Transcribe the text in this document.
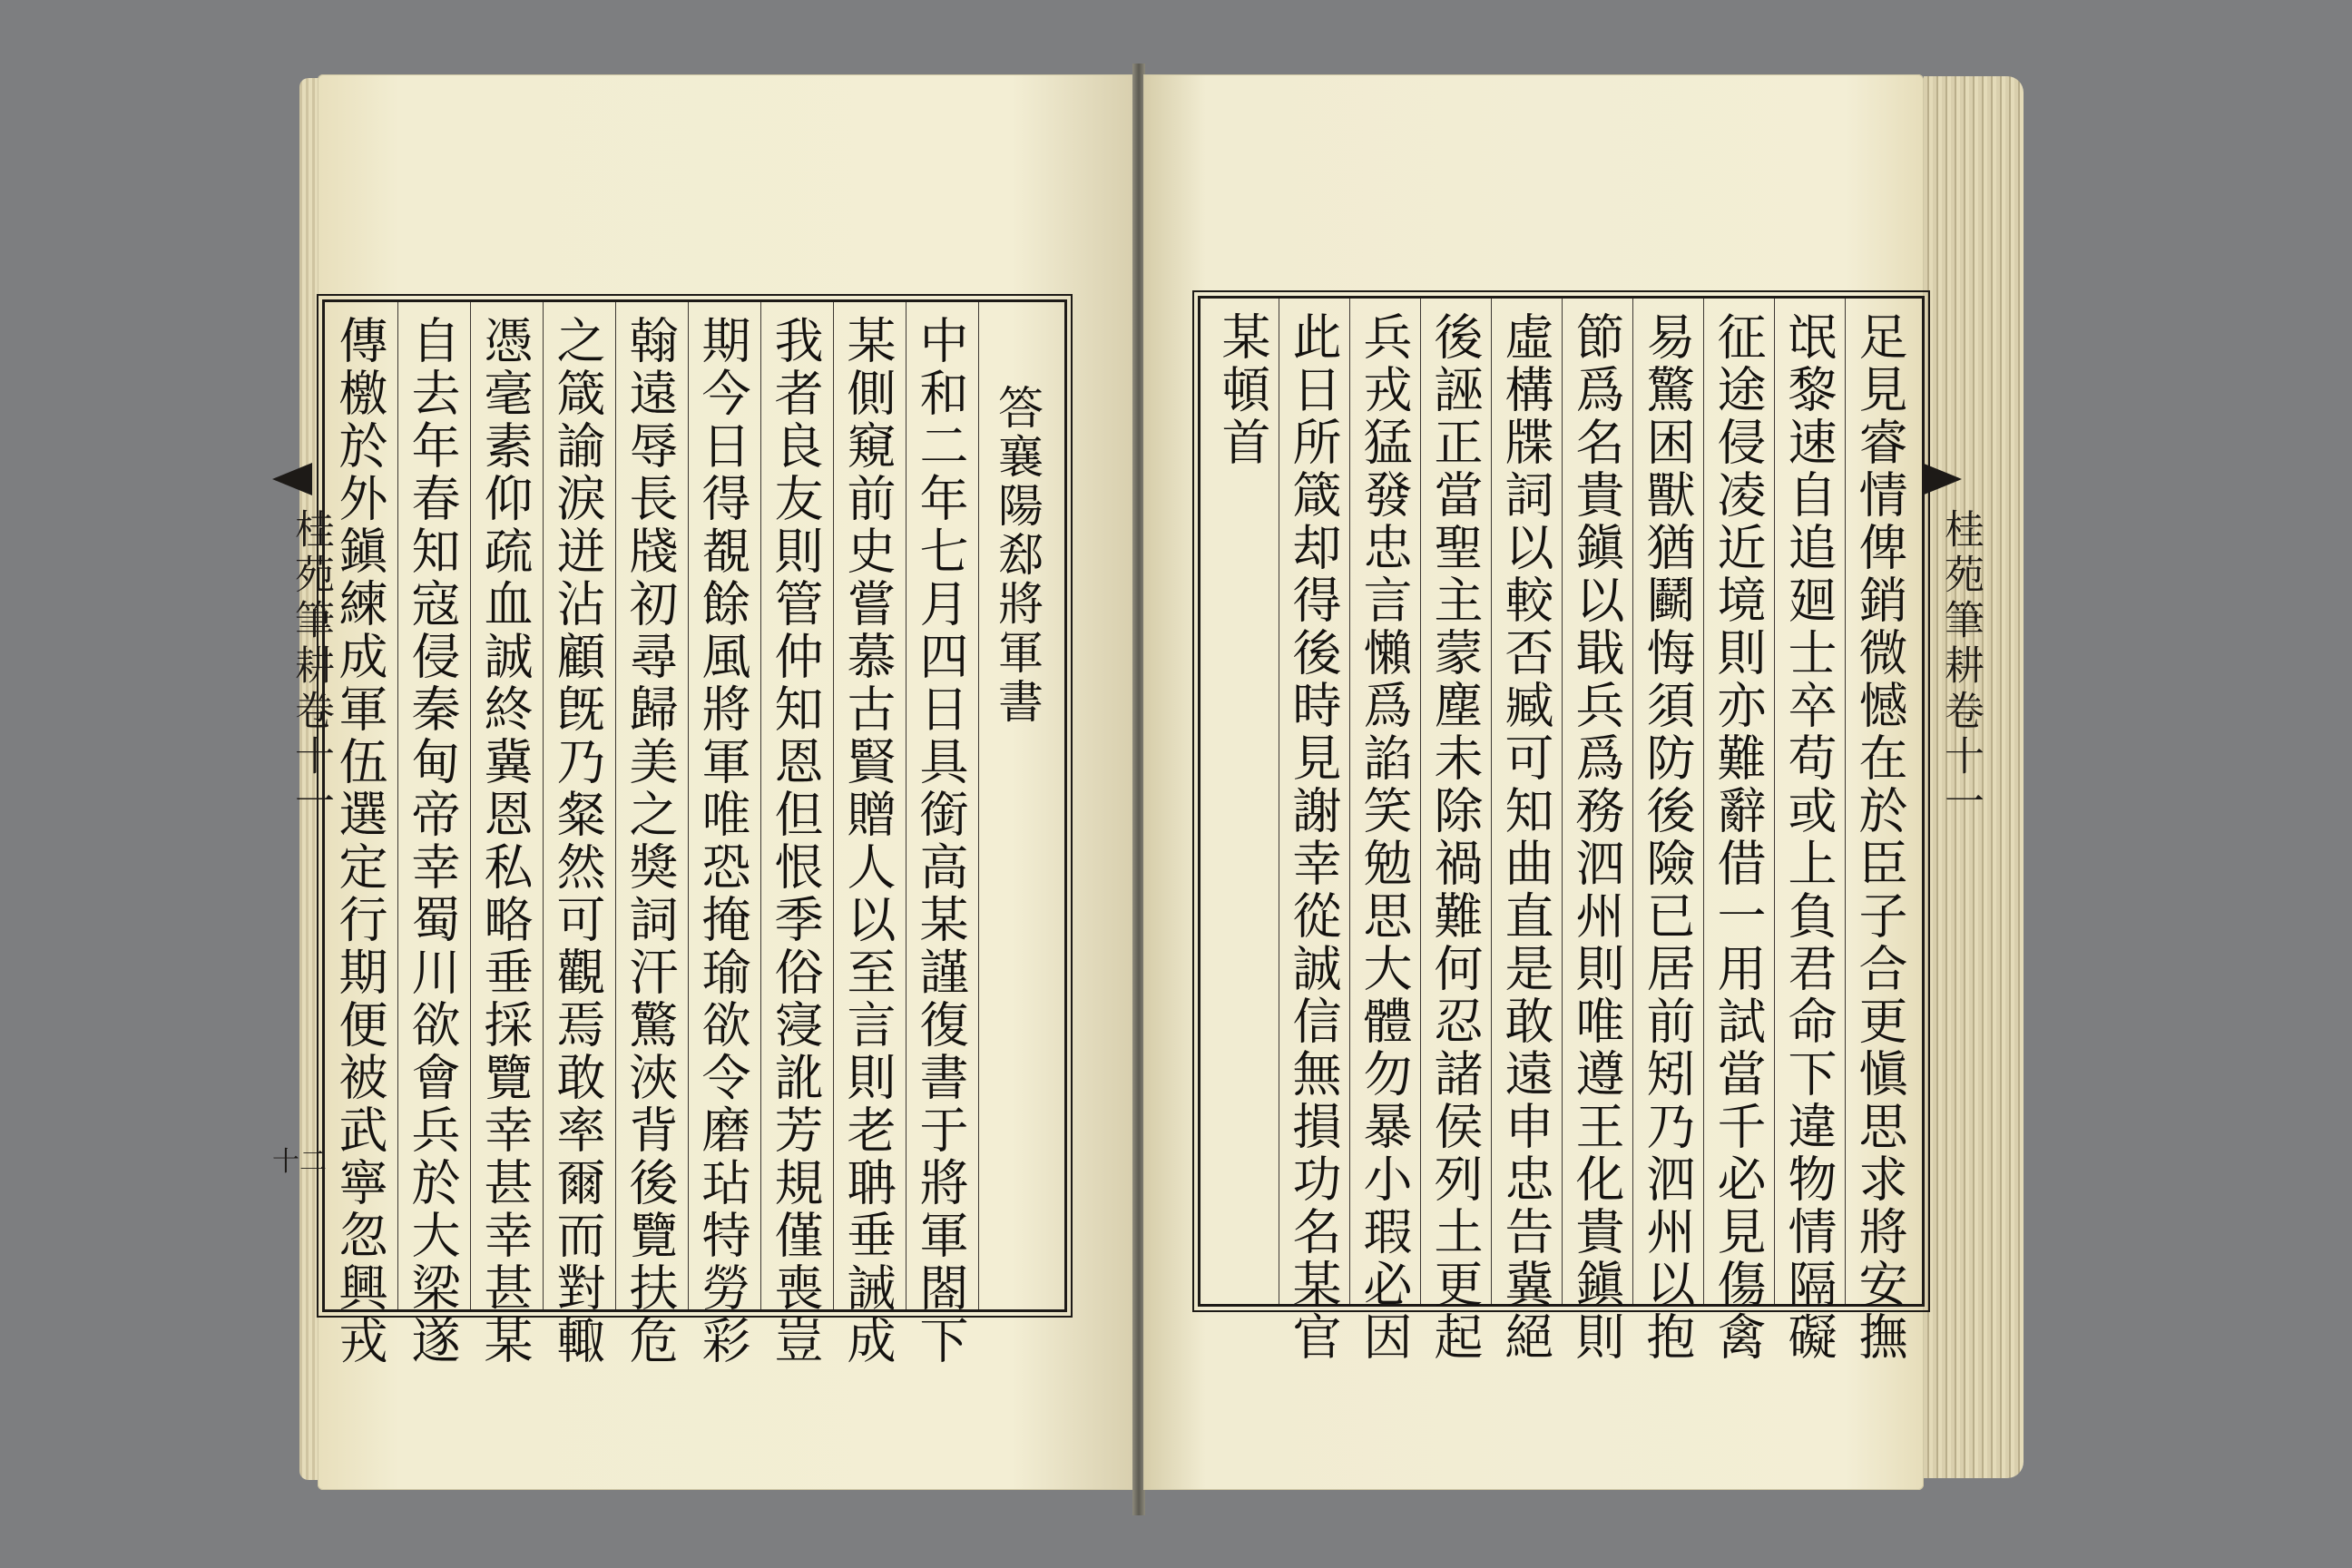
答襄陽郄將軍書
中和二年七月四日具銜高某謹復書于將軍閤下
某側窺前史嘗慕古賢贈人以至言則老聃垂誡成
我者良友則管仲知恩但恨季俗寖訛芳規僅喪豈
期今日得覩餘風將軍唯恐掩瑜欲令磨玷特勞彩
翰遠辱長牋初尋歸美之獎詞汗驚浹背後覽扶危
之箴諭淚迸沾顧旣乃粲然可觀焉敢率爾而對輙
憑毫素仰疏血誠終冀恩私略垂採覽幸甚幸甚某
自去年春知寇侵秦甸帝幸蜀川欲會兵於大梁遂
傳檄於外鎭練成軍伍選定行期便被武寧忽興戎
桂苑筆耕卷十一
十二	足見睿情俾銷微憾在於臣子合更愼思求將安撫
氓黎速自追廻士卒苟或上負君命下違物情隔礙
征途侵凌近境則亦難辭借一用試當千必見傷禽
易驚困獸猶鬬悔須防後險已居前矧乃泗州以抱
節爲名貴鎭以戢兵爲務泗州則唯遵王化貴鎭則
虛構牒詞以較否臧可知曲直是敢遠申忠告冀絕
後誣正當聖主蒙塵未除禍難何忍諸侯列土更起
兵戎猛發忠言懶爲諂笑勉思大體勿暴小瑕必因
此日所箴却得後時見謝幸從誠信無損功名某官
某頓首
桂苑筆耕卷十一
